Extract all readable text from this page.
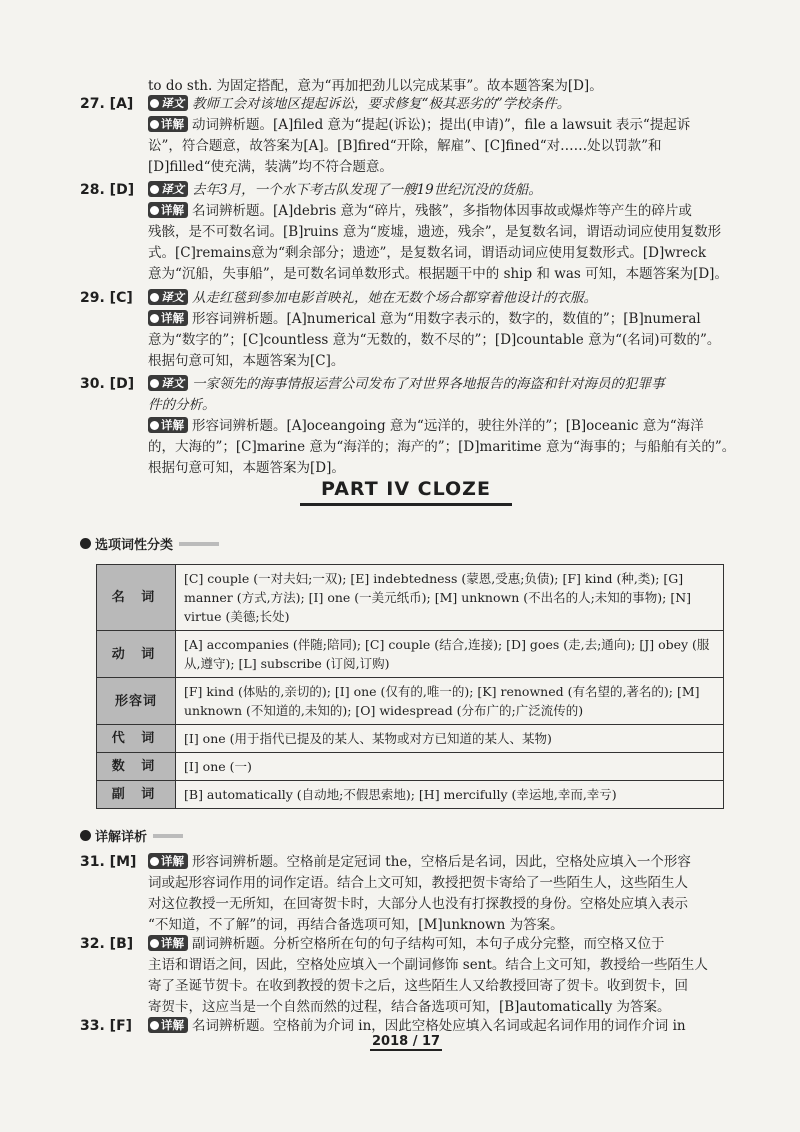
to do sth. 为固定搭配，意为“再加把劲儿以完成某事”。故本题答案为[D]。
27. [A]	译文 教师工会对该地区提起诉讼，要求修复“极其恶劣的”学校条件。
详解 动词辨析题。[A]filed 意为“提起(诉讼)；提出(申请)”，file a lawsuit 表示“提起诉
讼”，符合题意，故答案为[A]。[B]fired“开除，解雇”、[C]fined“对……处以罚款”和
[D]filled“使充满，装满”均不符合题意。
28. [D]	译文 去年3月，一个水下考古队发现了一艘19世纪沉没的货船。
详解 名词辨析题。[A]debris 意为“碎片，残骸”，多指物体因事故或爆炸等产生的碎片或
残骸，是不可数名词。[B]ruins 意为“废墟，遗迹，残余”，是复数名词，谓语动词应使用复数形
式。[C]remains意为“剩余部分；遗迹”，是复数名词，谓语动词应使用复数形式。[D]wreck
意为“沉船，失事船”，是可数名词单数形式。根据题干中的 ship 和 was 可知，本题答案为[D]。
29. [C]	译文 从走红毯到参加电影首映礼，她在无数个场合都穿着他设计的衣服。
详解 形容词辨析题。[A]numerical 意为“用数字表示的，数字的，数值的”；[B]numeral
意为“数字的”；[C]countless 意为“无数的，数不尽的”；[D]countable 意为“(名词)可数的”。
根据句意可知，本题答案为[C]。
30. [D]	译文 一家领先的海事情报运营公司发布了对世界各地报告的海盗和针对海员的犯罪事
件的分析。
详解 形容词辨析题。[A]oceangoing 意为“远洋的，驶往外洋的”；[B]oceanic 意为“海洋
的，大海的”；[C]marine 意为“海洋的；海产的”；[D]maritime 意为“海事的；与船舶有关的”。
根据句意可知，本题答案为[D]。
PART IV CLOZE
选项词性分类
名 词	[C] couple (一对夫妇;一双); [E] indebtedness (蒙恩,受惠;负债); [F] kind (种,类); [G] manner (方式,方法); [I] one (一美元纸币); [M] unknown (不出名的人;未知的事物); [N] virtue (美德;长处)
动 词	[A] accompanies (伴随;陪同); [C] couple (结合,连接); [D] goes (走,去;通向); [J] obey (服从,遵守); [L] subscribe (订阅,订购)
形容词	[F] kind (体贴的,亲切的); [I] one (仅有的,唯一的); [K] renowned (有名望的,著名的); [M] unknown (不知道的,未知的); [O] widespread (分布广的;广泛流传的)
代 词	[I] one (用于指代已提及的某人、某物或对方已知道的某人、某物)
数 词	[I] one (一)
副 词	[B] automatically (自动地;不假思索地); [H] mercifully (幸运地,幸而,幸亏)
详解详析
31. [M]	详解 形容词辨析题。空格前是定冠词 the，空格后是名词，因此，空格处应填入一个形容
词或起形容词作用的词作定语。结合上文可知，教授把贺卡寄给了一些陌生人，这些陌生人
对这位教授一无所知，在回寄贺卡时，大部分人也没有打探教授的身份。空格处应填入表示
“不知道，不了解”的词，再结合备选项可知，[M]unknown 为答案。
32. [B]	详解 副词辨析题。分析空格所在句的句子结构可知，本句子成分完整，而空格又位于
主语和谓语之间，因此，空格处应填入一个副词修饰 sent。结合上文可知，教授给一些陌生人
寄了圣诞节贺卡。在收到教授的贺卡之后，这些陌生人又给教授回寄了贺卡。收到贺卡，回
寄贺卡，这应当是一个自然而然的过程，结合备选项可知，[B]automatically 为答案。
33. [F]	详解 名词辨析题。空格前为介词 in，因此空格处应填入名词或起名词作用的词作介词 in
2018 / 17
